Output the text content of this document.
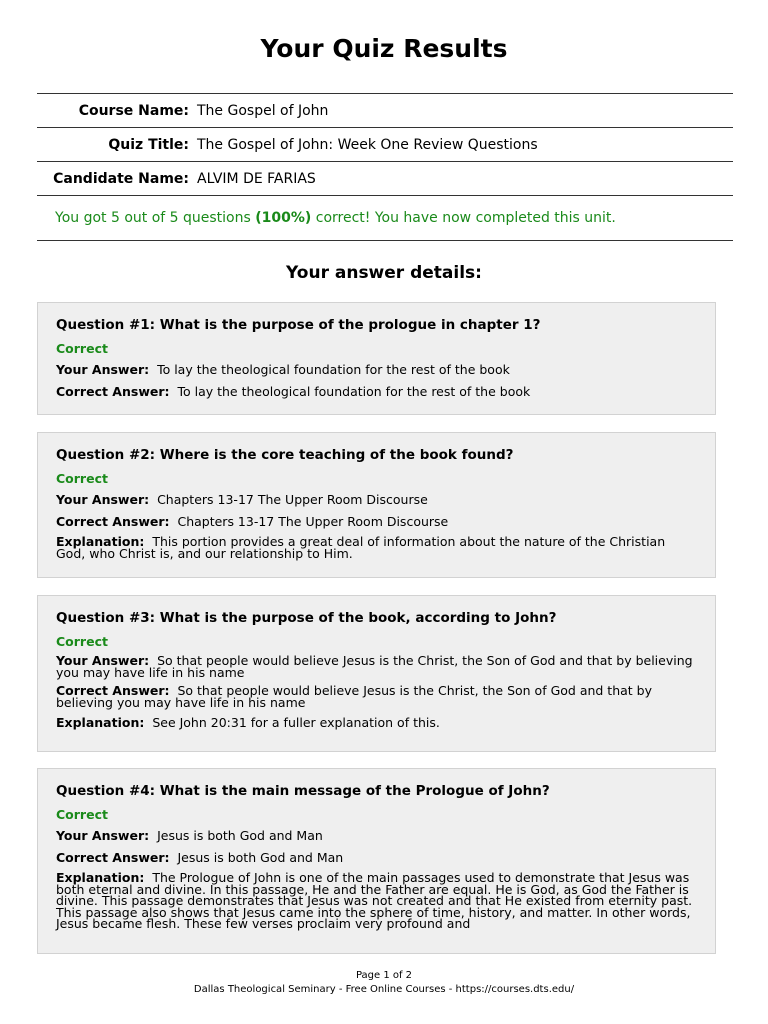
Your Quiz Results
Course Name: The Gospel of John
Quiz Title: The Gospel of John: Week One Review Questions
Candidate Name: ALVIM DE FARIAS
You got 5 out of 5 questions (100%) correct! You have now completed this unit.
Your answer details:

Question #1: What is the purpose of the prologue in chapter 1?

Correct

Your Answer: To lay the theological foundation for the rest of the book

Correct Answer: To lay the theological foundation for the rest of the book

Question #2: Where is the core teaching of the book found?

Correct

Your Answer: Chapters 13-17 The Upper Room Discourse

Correct Answer: Chapters 13-17 The Upper Room Discourse

Explanation: This portion provides a great deal of information about the nature of the Christian God, who Christ is, and our relationship to Him.

Question #3: What is the purpose of the book, according to John?

Correct

Your Answer: So that people would believe Jesus is the Christ, the Son of God and that by believing you may have life in his name

Correct Answer: So that people would believe Jesus is the Christ, the Son of God and that by believing you may have life in his name

Explanation: See John 20:31 for a fuller explanation of this.

Question #4: What is the main message of the Prologue of John?

Correct

Your Answer: Jesus is both God and Man

Correct Answer: Jesus is both God and Man

Explanation: The Prologue of John is one of the main passages used to demonstrate that Jesus was both eternal and divine. In this passage, He and the Father are equal. He is God, as God the Father is divine. This passage demonstrates that Jesus was not created and that He existed from eternity past. This passage also shows that Jesus came into the sphere of time, history, and matter. In other words, Jesus became flesh. These few verses proclaim very profound and

Page 1 of 2
Dallas Theological Seminary - Free Online Courses - https://courses.dts.edu/
